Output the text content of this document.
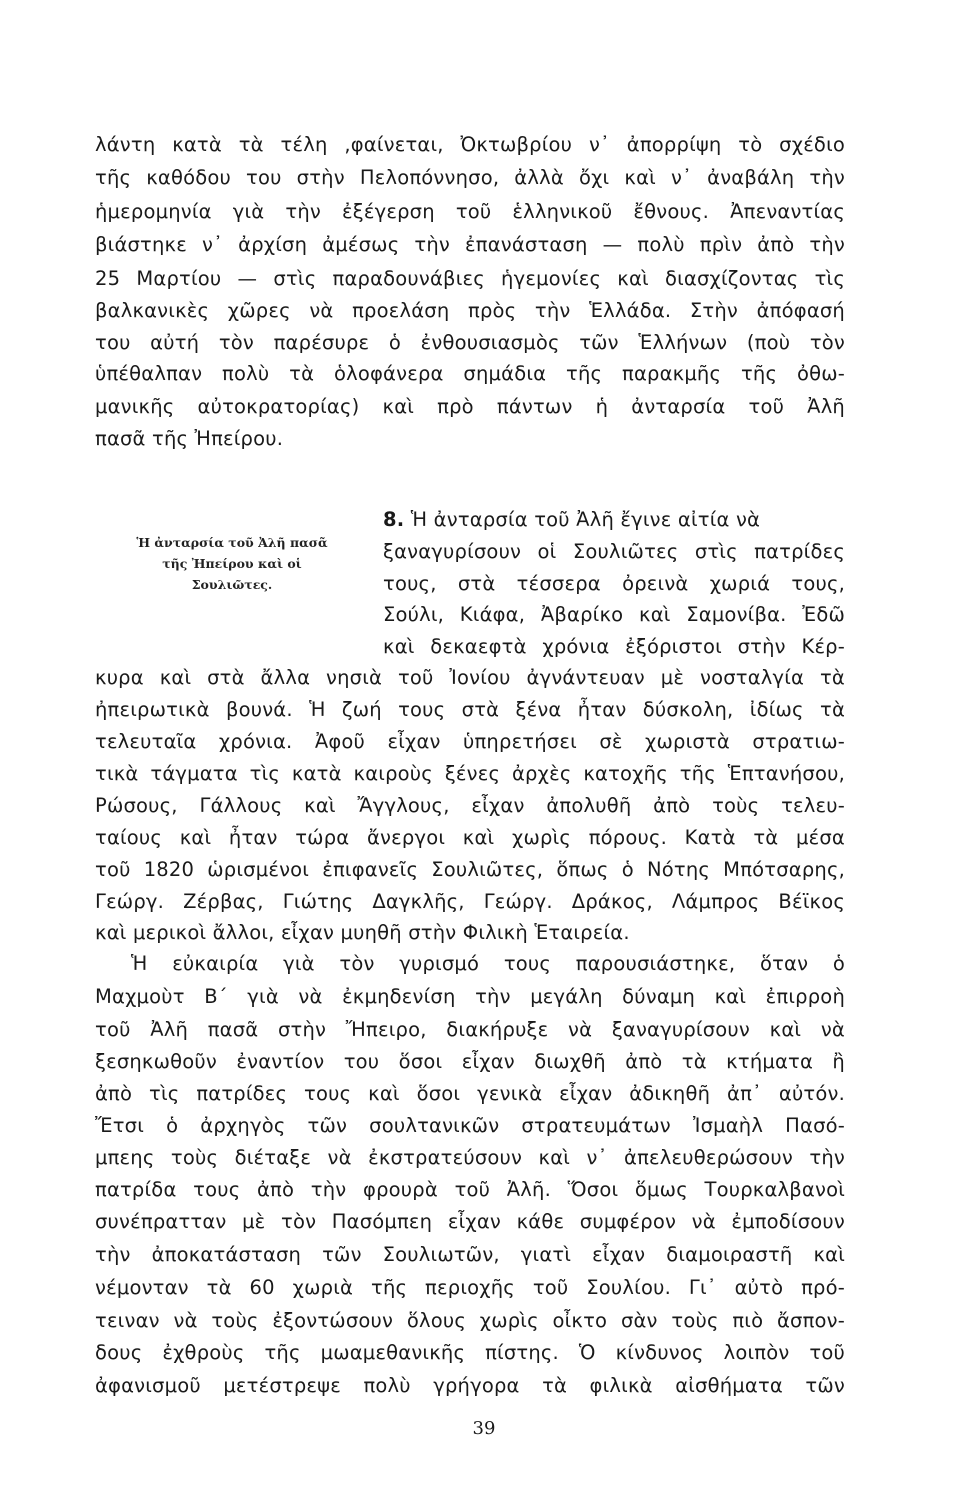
λάντη κατὰ τὰ τέλη ,φαίνεται, Ὀκτωβρίου ν᾿ ἀπορρίψη τὸ σχέδιο
τῆς καθόδου του στὴν Πελοπόννησο, ἀλλὰ ὄχι καὶ ν᾿ ἀναβάλη τὴν
ἡμερομηνία γιὰ τὴν ἐξέγερση τοῦ ἑλληνικοῦ ἔθνους. Ἀπεναντίας
βιάστηκε ν᾿ ἀρχίση ἀμέσως τὴν ἐπανάσταση — πολὺ πρὶν ἀπὸ τὴν
25 Μαρτίου — στὶς παραδουνάβιες ἡγεμονίες καὶ διασχίζοντας τὶς
βαλκανικὲς χῶρες νὰ προελάση πρὸς τὴν Ἑλλάδα. Στὴν ἀπόφασή
του αὐτή τὸν παρέσυρε ὁ ἐνθουσιασμὸς τῶν Ἑλλήνων (ποὺ τὸν
ὑπέθαλπαν πολὺ τὰ ὁλοφάνερα σημάδια τῆς παρακμῆς τῆς ὀθω-
μανικῆς αὐτοκρατορίας) καὶ πρὸ πάντων ἡ ἀνταρσία τοῦ Ἀλῆ
πασᾶ τῆς Ἠπείρου.
Ἡ ἀνταρσία τοῦ Ἀλῆ πασᾶ
τῆς Ἠπείρου καὶ οἱ
Σουλιῶτες.
8. Ἡ ἀνταρσία τοῦ Ἀλῆ ἔγινε αἰτία νὰ
ξαναγυρίσουν οἱ Σουλιῶτες στὶς πατρίδες
τους, στὰ τέσσερα ὀρεινὰ χωριά τους,
Σούλι, Κιάφα, Ἀβαρίκο καὶ Σαμονίβα. Ἐδῶ
καὶ δεκαεφτὰ χρόνια ἐξόριστοι στὴν Κέρ-
κυρα καὶ στὰ ἄλλα νησιὰ τοῦ Ἰονίου ἀγνάντευαν μὲ νοσταλγία τὰ
ἠπειρωτικὰ βουνά. Ἡ ζωή τους στὰ ξένα ἦταν δύσκολη, ἰδίως τὰ
τελευταῖα χρόνια. Ἀφοῦ εἶχαν ὑπηρετήσει σὲ χωριστὰ στρατιω-
τικὰ τάγματα τὶς κατὰ καιροὺς ξένες ἀρχὲς κατοχῆς τῆς Ἑπτανήσου,
Ρώσους, Γάλλους καὶ Ἄγγλους, εἶχαν ἀπολυθῆ ἀπὸ τοὺς τελευ-
ταίους καὶ ἦταν τώρα ἄνεργοι καὶ χωρὶς πόρους. Κατὰ τὰ μέσα
τοῦ 1820 ὡρισμένοι ἐπιφανεῖς Σουλιῶτες, ὅπως ὁ Νότης Μπότσαρης,
Γεώργ. Ζέρβας, Γιώτης Δαγκλῆς, Γεώργ. Δράκος, Λάμπρος Βέϊκος
καὶ μερικοὶ ἄλλοι, εἶχαν μυηθῆ στὴν Φιλικὴ Ἑταιρεία.
Ἡ εὐκαιρία γιὰ τὸν γυρισμό τους παρουσιάστηκε, ὅταν ὁ
Μαχμοὺτ Β΄ γιὰ νὰ ἐκμηδενίση τὴν μεγάλη δύναμη καὶ ἐπιρροὴ
τοῦ Ἀλῆ πασᾶ στὴν Ἤπειρο, διακήρυξε νὰ ξαναγυρίσουν καὶ νὰ
ξεσηκωθοῦν ἐναντίον του ὅσοι εἶχαν διωχθῆ ἀπὸ τὰ κτήματα ἢ
ἀπὸ τὶς πατρίδες τους καὶ ὅσοι γενικὰ εἶχαν ἀδικηθῆ ἀπ᾿ αὐτόν.
Ἔτσι ὁ ἀρχηγὸς τῶν σουλτανικῶν στρατευμάτων Ἰσμαὴλ Πασό-
μπεης τοὺς διέταξε νὰ ἐκστρατεύσουν καὶ ν᾿ ἀπελευθερώσουν τὴν
πατρίδα τους ἀπὸ τὴν φρουρὰ τοῦ Ἀλῆ. Ὅσοι ὅμως Τουρκαλβανοὶ
συνέπρατταν μὲ τὸν Πασόμπεη εἶχαν κάθε συμφέρον νὰ ἐμποδίσουν
τὴν ἀποκατάσταση τῶν Σουλιωτῶν, γιατὶ εἶχαν διαμοιραστῆ καὶ
νέμονταν τὰ 60 χωριὰ τῆς περιοχῆς τοῦ Σουλίου. Γι᾿ αὐτὸ πρό-
τειναν νὰ τοὺς ἐξοντώσουν ὅλους χωρὶς οἶκτο σὰν τοὺς πιὸ ἄσπον-
δους ἐχθροὺς τῆς μωαμεθανικῆς πίστης. Ὁ κίνδυνος λοιπὸν τοῦ
ἀφανισμοῦ μετέστρεψε πολὺ γρήγορα τὰ φιλικὰ αἰσθήματα τῶν
39
